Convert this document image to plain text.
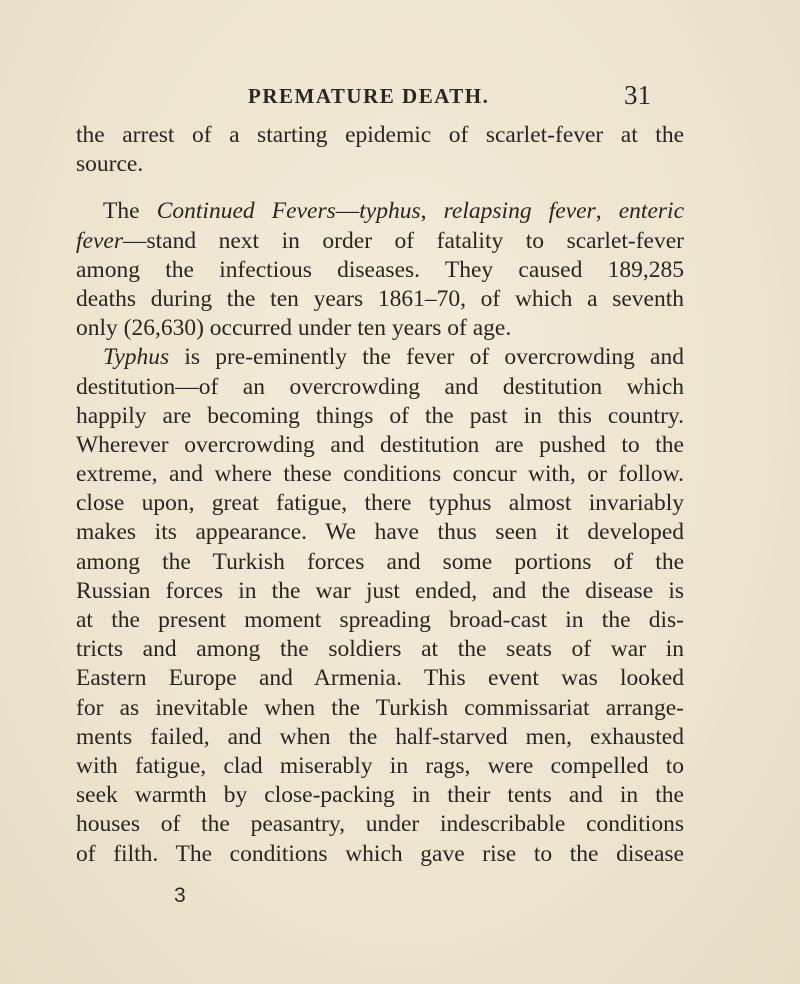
PREMATURE DEATH.	31
the arrest of a starting epidemic of scarlet-fever at the
source.
The Continued Fevers—typhus, relapsing fever, enteric
fever—stand next in order of fatality to scarlet-fever
among the infectious diseases. They caused 189,285
deaths during the ten years 1861–70, of which a seventh
only (26,630) occurred under ten years of age.
Typhus is pre-eminently the fever of overcrowding and
destitution—of an overcrowding and destitution which
happily are becoming things of the past in this country.
Wherever overcrowding and destitution are pushed to the
extreme, and where these conditions concur with, or follow.
close upon, great fatigue, there typhus almost invariably
makes its appearance. We have thus seen it developed
among the Turkish forces and some portions of the
Russian forces in the war just ended, and the disease is
at the present moment spreading broad-cast in the dis-
tricts and among the soldiers at the seats of war in
Eastern Europe and Armenia. This event was looked
for as inevitable when the Turkish commissariat arrange-
ments failed, and when the half-starved men, exhausted
with fatigue, clad miserably in rags, were compelled to
seek warmth by close-packing in their tents and in the
houses of the peasantry, under indescribable conditions
of filth. The conditions which gave rise to the disease
3
